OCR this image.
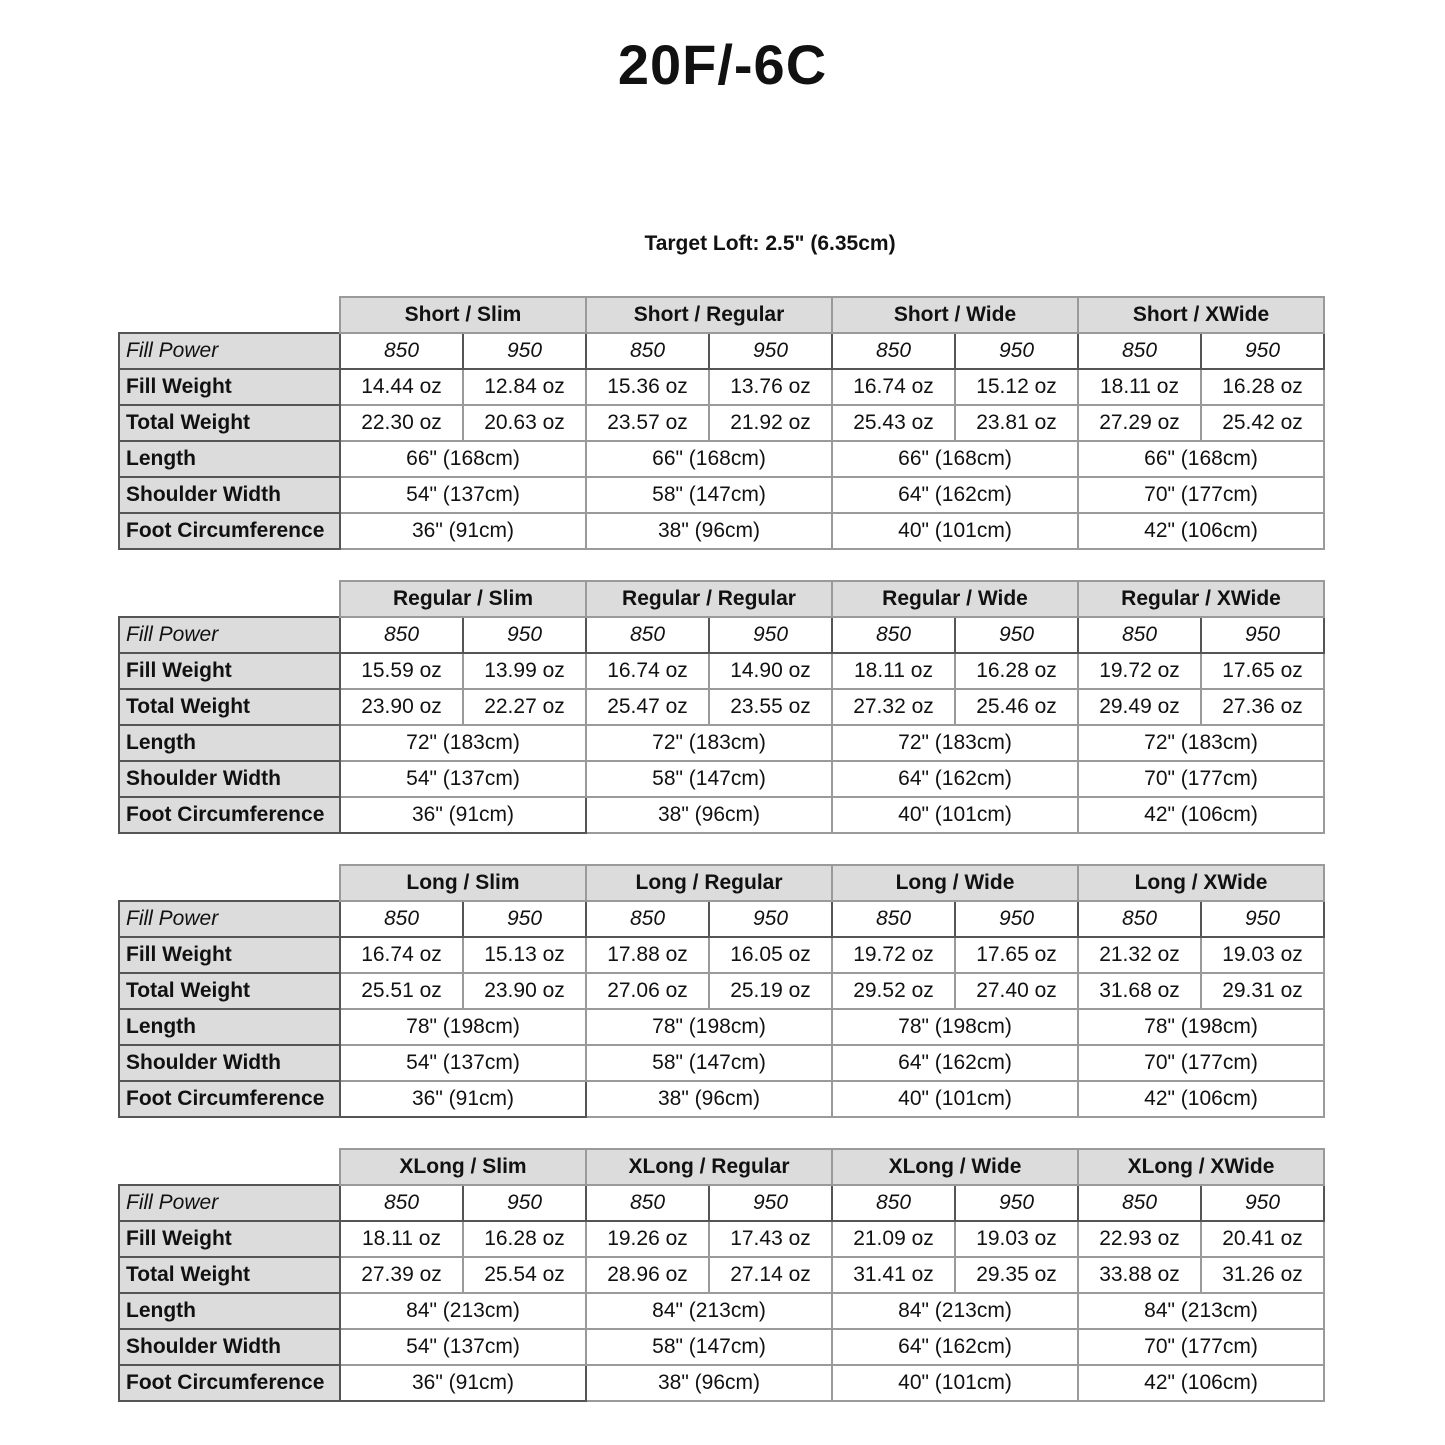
20F/-6C
Target Loft: 2.5" (6.35cm)
	Short / Slim		Short / Regular		Short / Wide		Short / XWide	
Fill Power	850	950	850	950	850	950	850	950
Fill Weight	14.44 oz	12.84 oz	15.36 oz	13.76 oz	16.74 oz	15.12 oz	18.11 oz	16.28 oz
Total Weight	22.30 oz	20.63 oz	23.57 oz	21.92 oz	25.43 oz	23.81 oz	27.29 oz	25.42 oz
Length	66" (168cm)		66" (168cm)		66" (168cm)		66" (168cm)	
Shoulder Width	54" (137cm)		58" (147cm)		64" (162cm)		70" (177cm)	
Foot Circumference	36" (91cm)		38" (96cm)		40" (101cm)		42" (106cm)	
	Regular / Slim		Regular / Regular		Regular / Wide		Regular / XWide	
Fill Power	850	950	850	950	850	950	850	950
Fill Weight	15.59 oz	13.99 oz	16.74 oz	14.90 oz	18.11 oz	16.28 oz	19.72 oz	17.65 oz
Total Weight	23.90 oz	22.27 oz	25.47 oz	23.55 oz	27.32 oz	25.46 oz	29.49 oz	27.36 oz
Length	72" (183cm)		72" (183cm)		72" (183cm)		72" (183cm)	
Shoulder Width	54" (137cm)		58" (147cm)		64" (162cm)		70" (177cm)	
Foot Circumference	36" (91cm)		38" (96cm)		40" (101cm)		42" (106cm)	
	Long / Slim		Long / Regular		Long / Wide		Long / XWide	
Fill Power	850	950	850	950	850	950	850	950
Fill Weight	16.74 oz	15.13 oz	17.88 oz	16.05 oz	19.72 oz	17.65 oz	21.32 oz	19.03 oz
Total Weight	25.51 oz	23.90 oz	27.06 oz	25.19 oz	29.52 oz	27.40 oz	31.68 oz	29.31 oz
Length	78" (198cm)		78" (198cm)		78" (198cm)		78" (198cm)	
Shoulder Width	54" (137cm)		58" (147cm)		64" (162cm)		70" (177cm)	
Foot Circumference	36" (91cm)		38" (96cm)		40" (101cm)		42" (106cm)	
	XLong / Slim		XLong / Regular		XLong / Wide		XLong / XWide	
Fill Power	850	950	850	950	850	950	850	950
Fill Weight	18.11 oz	16.28 oz	19.26 oz	17.43 oz	21.09 oz	19.03 oz	22.93 oz	20.41 oz
Total Weight	27.39 oz	25.54 oz	28.96 oz	27.14 oz	31.41 oz	29.35 oz	33.88 oz	31.26 oz
Length	84" (213cm)		84" (213cm)		84" (213cm)		84" (213cm)	
Shoulder Width	54" (137cm)		58" (147cm)		64" (162cm)		70" (177cm)	
Foot Circumference	36" (91cm)		38" (96cm)		40" (101cm)		42" (106cm)	
